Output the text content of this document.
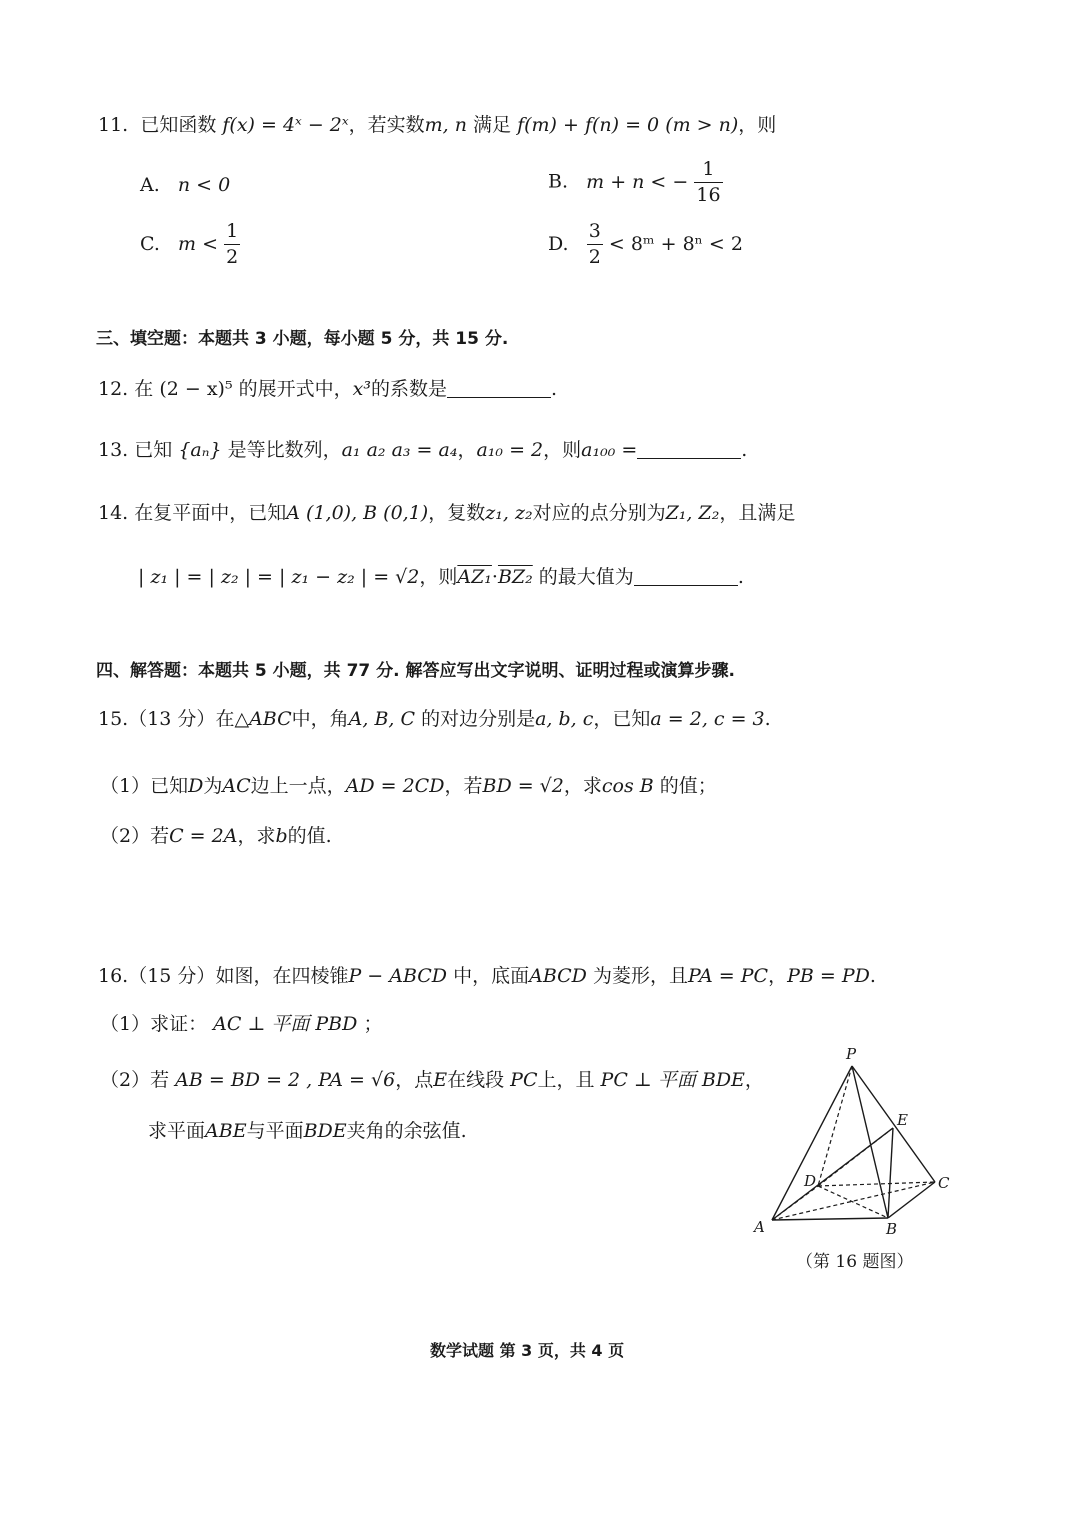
11. 已知函数 f(x) = 4ˣ − 2ˣ，若实数m, n 满足 f(m) + f(n) = 0 (m > n)，则
A. n < 0	B. m + n < − $\frac{1}{16}$
C. $m < \frac{1}{2}$	D. $\frac{3}{2}$ < 8ᵐ + 8ⁿ < 2
三、填空题：本题共 3 小题，每小题 5 分，共 15 分.
12. 在 (2 − x)⁵ 的展开式中，x³的系数是	.
13. 已知 {aₙ} 是等比数列，a₁ a₂ a₃ = a₄，a₁₀ = 2，则a₁₀₀ =	.
14. 在复平面中，已知A (1,0), B (0,1)，复数z₁, z₂对应的点分别为Z₁, Z₂，且满足
| z₁ | = | z₂ | = | z₁ − z₂ | = √2，则AZ₁·BZ₂ 的最大值为	.
四、解答题：本题共 5 小题，共 77 分. 解答应写出文字说明、证明过程或演算步骤.
15.（13 分）在△ABC中，角A, B, C 的对边分别是a, b, c，已知a = 2, c = 3.
（1）已知D为AC边上一点，AD = 2CD，若BD = √2，求cos B 的值；
（2）若C = 2A，求b的值.
16.（15 分）如图，在四棱锥P − ABCD 中，底面ABCD 为菱形，且PA = PC，PB = PD.
（1）求证： AC ⊥ 平面 PBD ；
（2）若 AB = BD = 2 , PA = √6，点E在线段 PC上，且 PC ⊥ 平面 BDE，
求平面ABE与平面BDE夹角的余弦值.
P
E
D	C
A	B
（第 16 题图）
数学试题 第 3 页，共 4 页
